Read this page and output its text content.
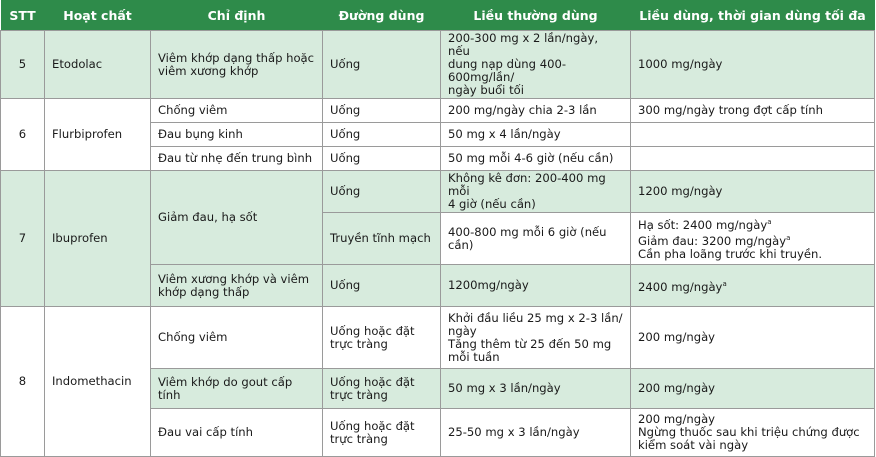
STT	Hoạt chất	Chỉ định	Đường dùng	Liều thường dùng	Liều dùng, thời gian dùng tối đa
5	Etodolac	Viêm khớp dạng thấp hoặc
viêm xương khớp	Uống	200-300 mg x 2 lần/ngày, nếu
dung nạp dùng 400-600mg/lần/
ngày buổi tối	1000 mg/ngày
6	Flurbiprofen	Chống viêm	Uống	200 mg/ngày chia 2-3 lần	300 mg/ngày trong đợt cấp tính
		Đau bụng kinh	Uống	50 mg x 4 lần/ngày	
		Đau từ nhẹ đến trung bình	Uống	50 mg mỗi 4-6 giờ (nếu cần)	
7	Ibuprofen	Giảm đau, hạ sốt	Uống	Không kê đơn: 200-400 mg mỗi
4 giờ (nếu cần)	1200 mg/ngày
			Truyền tĩnh mạch	400-800 mg mỗi 6 giờ (nếu
cần)	Hạ sốt: 2400 mg/ngày$^a$
Giảm đau: 3200 mg/ngày$^a$
Cần pha loãng trước khi truyền.

		Viêm xương khớp và viêm
khớp dạng thấp	Uống	1200mg/ngày	2400 mg/ngày$^a$
8	Indomethacin	Chống viêm	Uống hoặc đặt
trực tràng	Khởi đầu liều 25 mg x 2-3 lần/
ngày
Tăng thêm từ 25 đến 50 mg
mỗi tuần	200 mg/ngày
		Viêm khớp do gout cấp tính	Uống hoặc đặt
trực tràng	50 mg x 3 lần/ngày	200 mg/ngày
		Đau vai cấp tính	Uống hoặc đặt
trực tràng	25-50 mg x 3 lần/ngày	200 mg/ngày
Ngừng thuốc sau khi triệu chứng được
kiểm soát vài ngày
